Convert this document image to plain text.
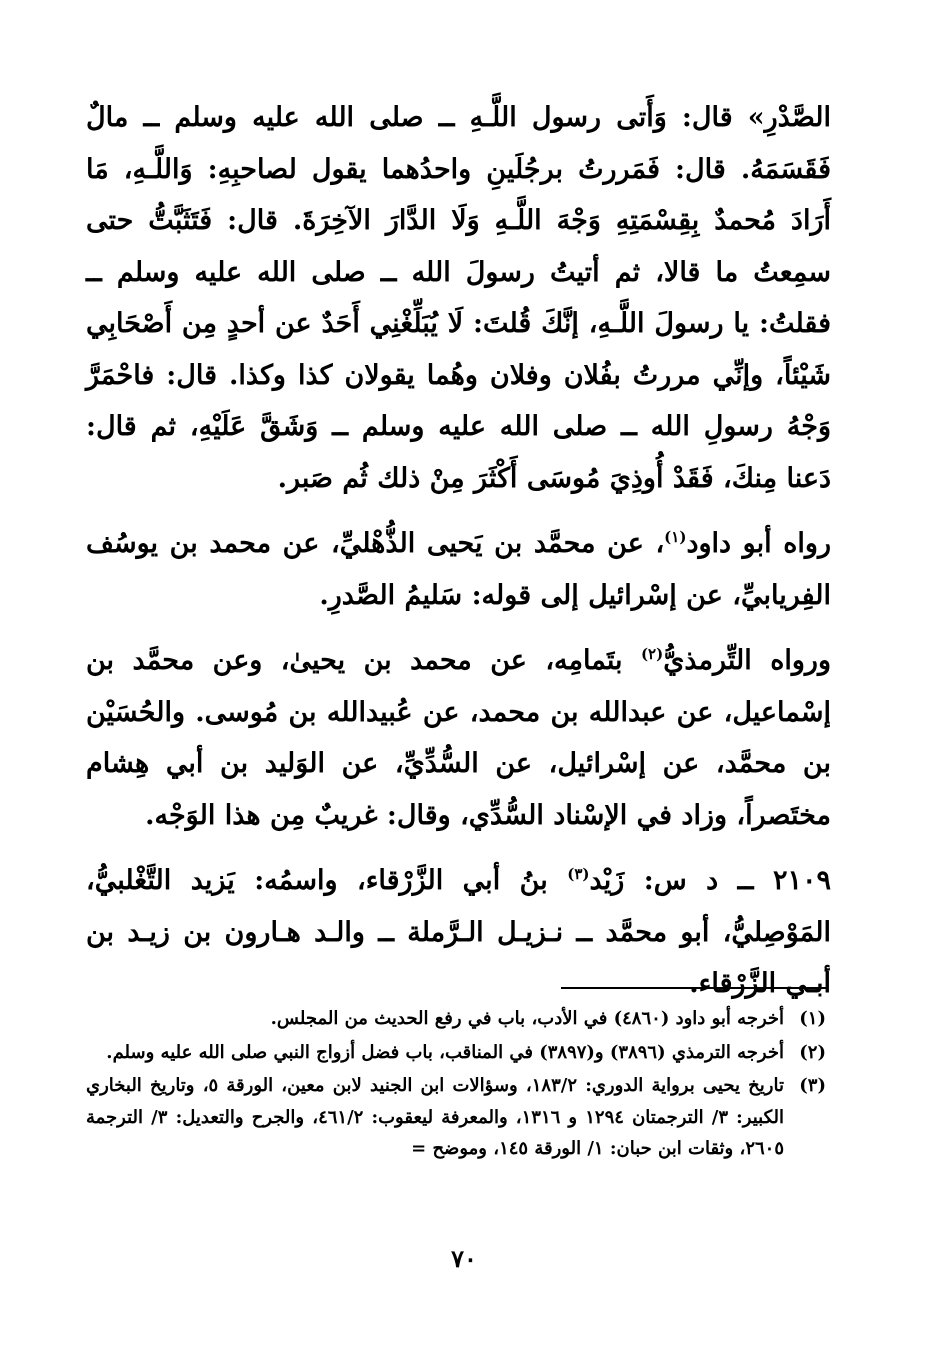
الصَّدْرِ» قال: وَأَتى رسول اللَّـهِ ــ صلى الله عليه وسلم ــ مالٌ فَقَسَمَهُ. قال: فَمَررتُ برجُلَينِ واحدُهما يقول لصاحبِهِ: وَاللَّـهِ، مَا أَرَادَ مُحمدٌ بِقِسْمَتِهِ وَجْهَ اللَّـهِ وَلَا الدَّارَ الآخِرَةَ. قال: فَتَثَبَّتُّ حتى سمِعتُ ما قالا، ثم أتيتُ رسولَ الله ــ صلى الله عليه وسلم ــ فقلتُ: يا رسولَ اللَّـهِ، إنَّكَ قُلتَ: لَا يُبَلِّغْنِي أَحَدٌ عن أحدٍ مِن أَصْحَابِي شَيْئاً، وإنِّي مررتُ بفُلان وفلان وهُما يقولان كذا وكذا. قال: فاحْمَرَّ وَجْهُ رسولِ الله ــ صلى الله عليه وسلم ــ وَشَقَّ عَلَيْهِ، ثم قال: دَعنا مِنكَ، فَقَدْ أُوذِيَ مُوسَى أَكْثَرَ مِنْ ذلك ثُم صَبر.

رواه أبو داود$^{(١)}$، عن محمَّد بن يَحيى الذُّهْليِّ، عن محمد بن يوسُف الفِريابيِّ، عن إسْرائيل إلى قوله: سَليمُ الصَّدرِ.

ورواه التِّرمذيُّ$^{(٢)}$ بتَمامِه، عن محمد بن يحيىٰ، وعن محمَّد بن إسْماعيل، عن عبدالله بن محمد، عن عُبيدالله بن مُوسى. والحُسَيْن بن محمَّد، عن إسْرائيل، عن السُّدِّيِّ، عن الوَليد بن أبي هِشام مختَصراً، وزاد في الإسْناد السُّدِّي، وقال: غريبٌ مِن هذا الوَجْه.

٢١٠٩ ــ د س: زَيْد$^{(٣)}$ بنُ أبي الزَّرْقاء، واسمُه: يَزيد التَّغْلبيُّ، المَوْصِليُّ، أبو محمَّد ــ نـزيـل الـرَّملة ــ والـد هـارون بن زيـد بن أبـي الزَّرْقاء.

(١)
أخرجه أبو داود (٤٨٦٠) في الأدب، باب في رفع الحديث من المجلس.
(٢)
أخرجه الترمذي (٣٨٩٦) و(٣٨٩٧) في المناقب، باب فضل أزواج النبي صلى الله عليه وسلم.
(٣)
تاريخ يحيى برواية الدوري: ١٨٣/٢، وسؤالات ابن الجنيد لابن معين، الورقة ٥، وتاريخ البخاري الكبير: ٣/ الترجمتان ١٢٩٤ و ١٣١٦، والمعرفة ليعقوب: ٤٦١/٢، والجرح والتعديل: ٣/ الترجمة ٢٦٠٥، وثقات ابن حبان: ١/ الورقة ١٤٥، وموضح =
٧٠
